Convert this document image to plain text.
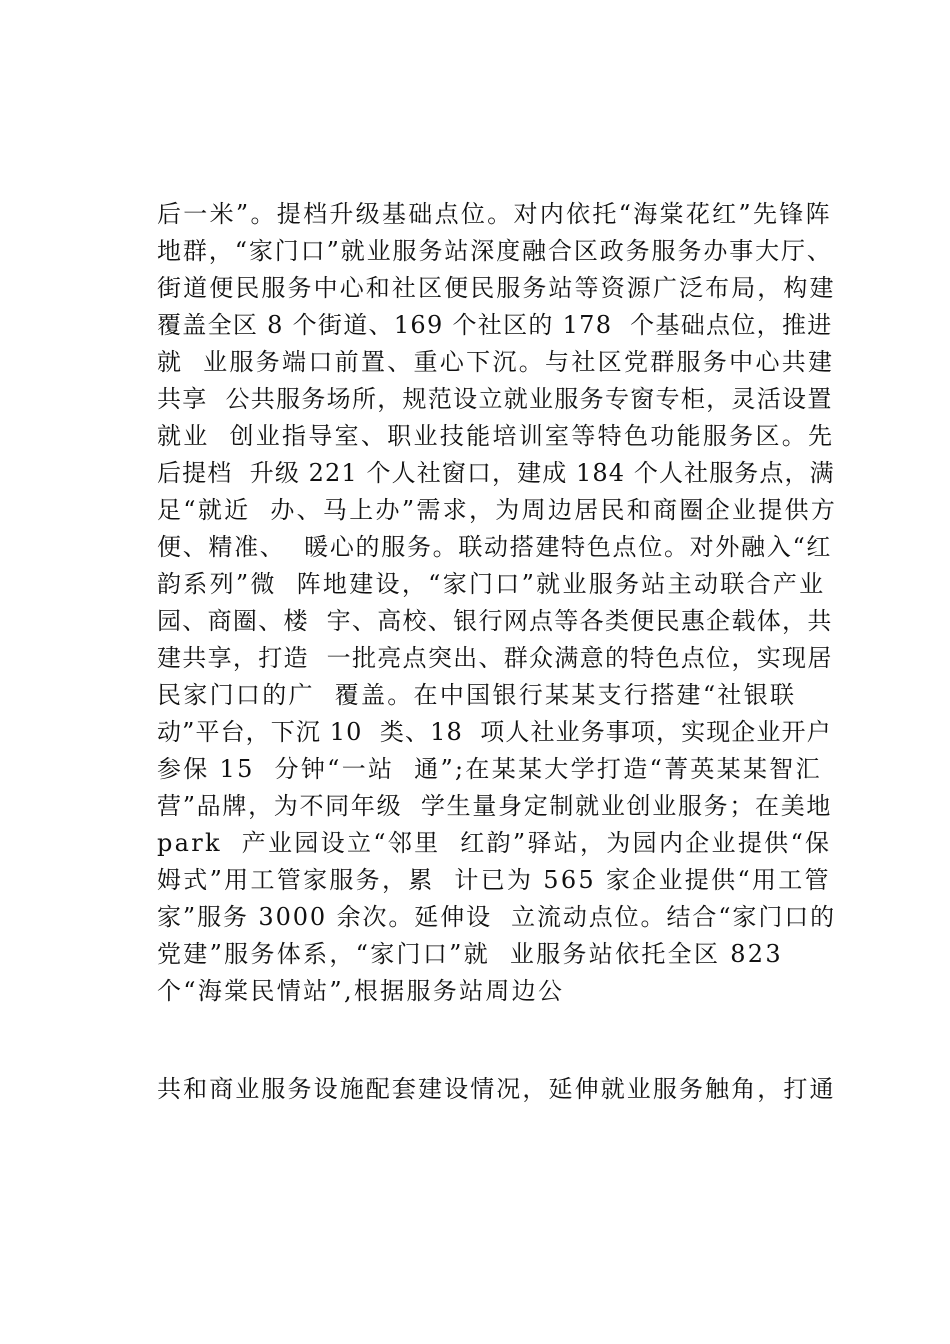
后一米”。提档升级基础点位。对内依托“海棠花红”先锋阵
地群，“家门口”就业服务站深度融合区政务服务办事大厅、
街道便民服务中心和社区便民服务站等资源广泛布局，构建
覆盖全区 8 个街道、169 个社区的 178  个基础点位，推进
就  业服务端口前置、重心下沉。与社区党群服务中心共建
共享  公共服务场所，规范设立就业服务专窗专柜，灵活设置
就业  创业指导室、职业技能培训室等特色功能服务区。先
后提档  升级 221 个人社窗口，建成 184 个人社服务点，满
足“就近  办、马上办”需求，为周边居民和商圈企业提供方
便、精准、  暖心的服务。联动搭建特色点位。对外融入“红
韵系列”微  阵地建设，“家门口”就业服务站主动联合产业
园、商圈、楼  宇、高校、银行网点等各类便民惠企载体，共
建共享，打造  一批亮点突出、群众满意的特色点位，实现居
民家门口的广  覆盖。在中国银行某某支行搭建“社银联
动”平台，下沉 10  类、18  项人社业务事项，实现企业开户
参保 15  分钟“一站  通”;在某某大学打造“菁英某某智汇
营”品牌，为不同年级  学生量身定制就业创业服务；在美地
park  产业园设立“邻里  红韵”驿站，为园内企业提供“保
姆式”用工管家服务，累  计已为 565 家企业提供“用工管
家”服务 3000 余次。延伸设  立流动点位。结合“家门口的
党建”服务体系，“家门口”就  业服务站依托全区 823
个“海棠民情站”,根据服务站周边公
共和商业服务设施配套建设情况，延伸就业服务触角，打通
